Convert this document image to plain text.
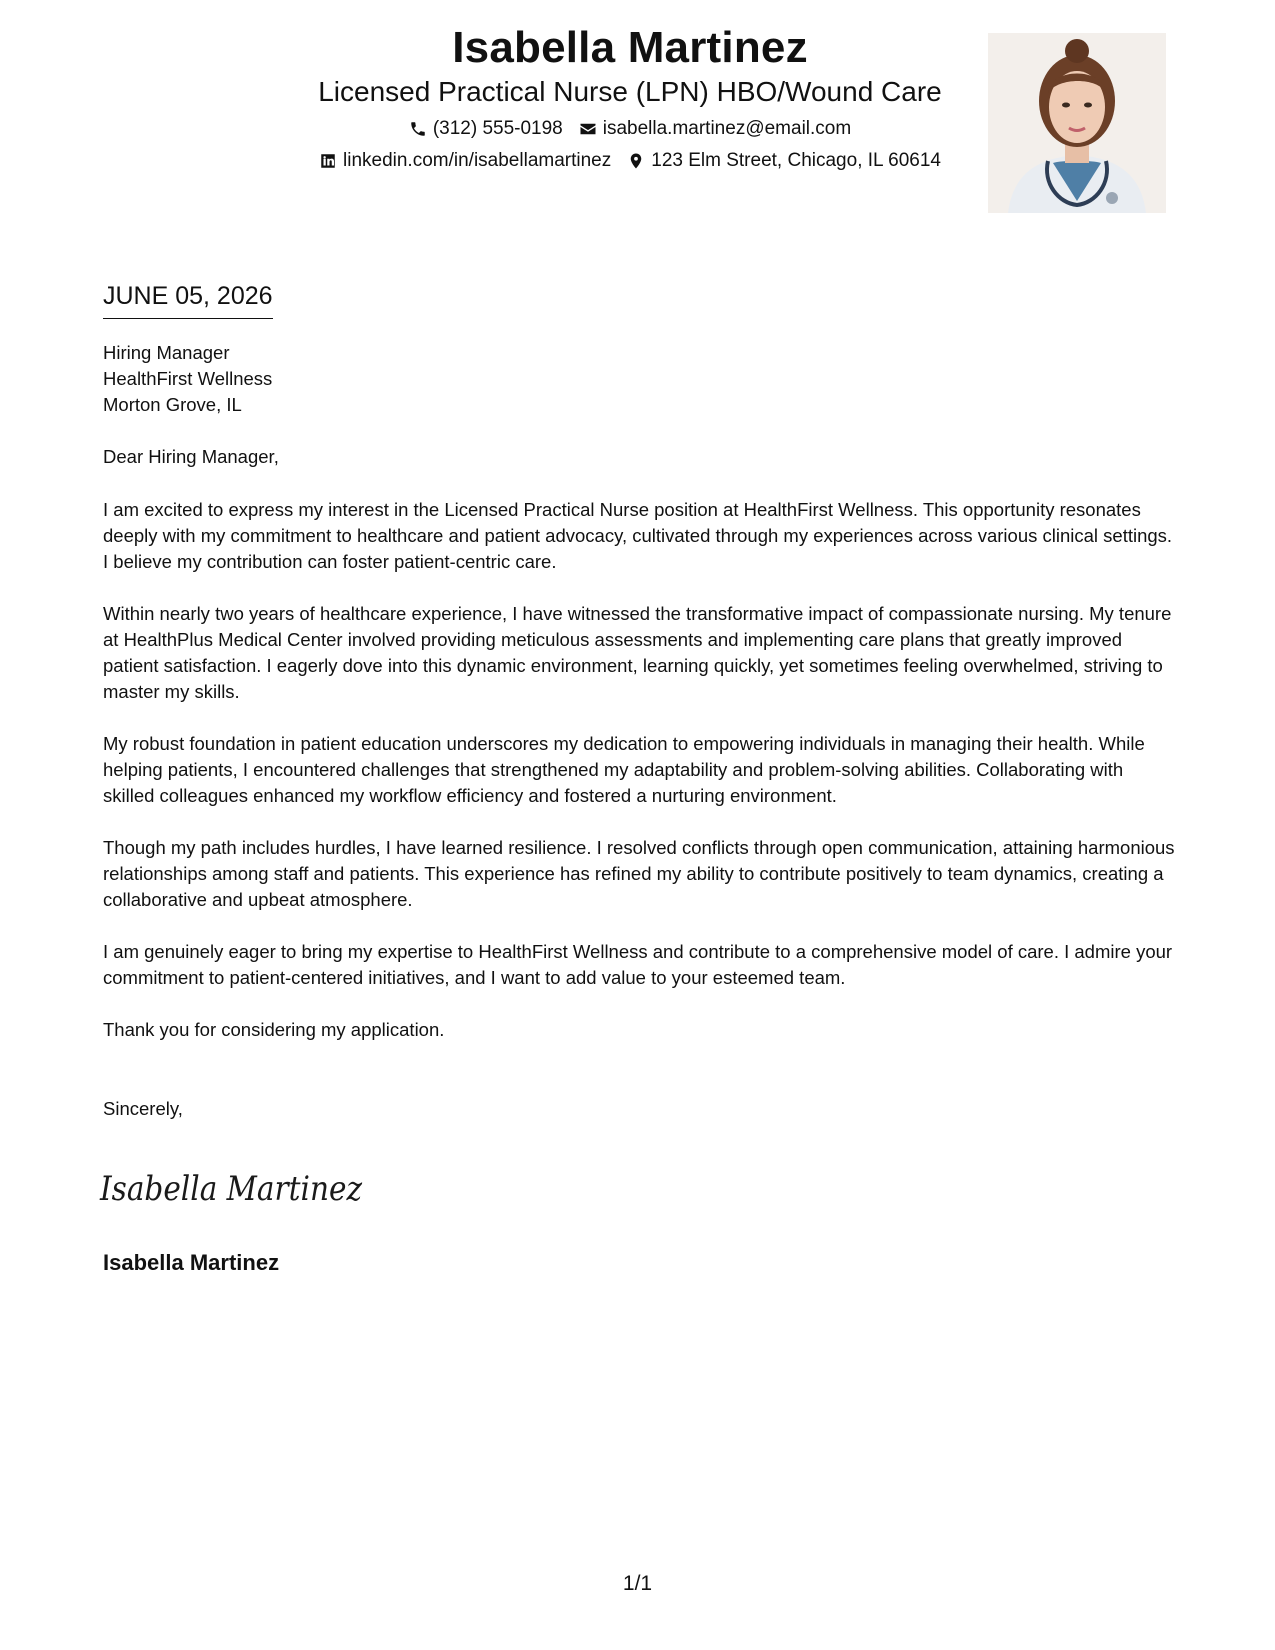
Isabella Martinez
Licensed Practical Nurse (LPN) HBO/Wound Care
(312) 555-0198 isabella.martinez@email.com
linkedin.com/in/isabellamartinez 123 Elm Street, Chicago, IL 60614
JUNE 05, 2026
Hiring Manager
HealthFirst Wellness
Morton Grove, IL

Dear Hiring Manager,

I am excited to express my interest in the Licensed Practical Nurse position at HealthFirst Wellness. This opportunity resonates deeply with my commitment to healthcare and patient advocacy, cultivated through my experiences across various clinical settings. I believe my contribution can foster patient-centric care.

Within nearly two years of healthcare experience, I have witnessed the transformative impact of compassionate nursing. My tenure at HealthPlus Medical Center involved providing meticulous assessments and implementing care plans that greatly improved patient satisfaction. I eagerly dove into this dynamic environment, learning quickly, yet sometimes feeling overwhelmed, striving to master my skills.

My robust foundation in patient education underscores my dedication to empowering individuals in managing their health. While helping patients, I encountered challenges that strengthened my adaptability and problem-solving abilities. Collaborating with skilled colleagues enhanced my workflow efficiency and fostered a nurturing environment.

Though my path includes hurdles, I have learned resilience. I resolved conflicts through open communication, attaining harmonious relationships among staff and patients. This experience has refined my ability to contribute positively to team dynamics, creating a collaborative and upbeat atmosphere.

I am genuinely eager to bring my expertise to HealthFirst Wellness and contribute to a comprehensive model of care. I admire your commitment to patient-centered initiatives, and I want to add value to your esteemed team.

Thank you for considering my application.

Sincerely,

Isabella Martinez
Isabella Martinez
1/1
